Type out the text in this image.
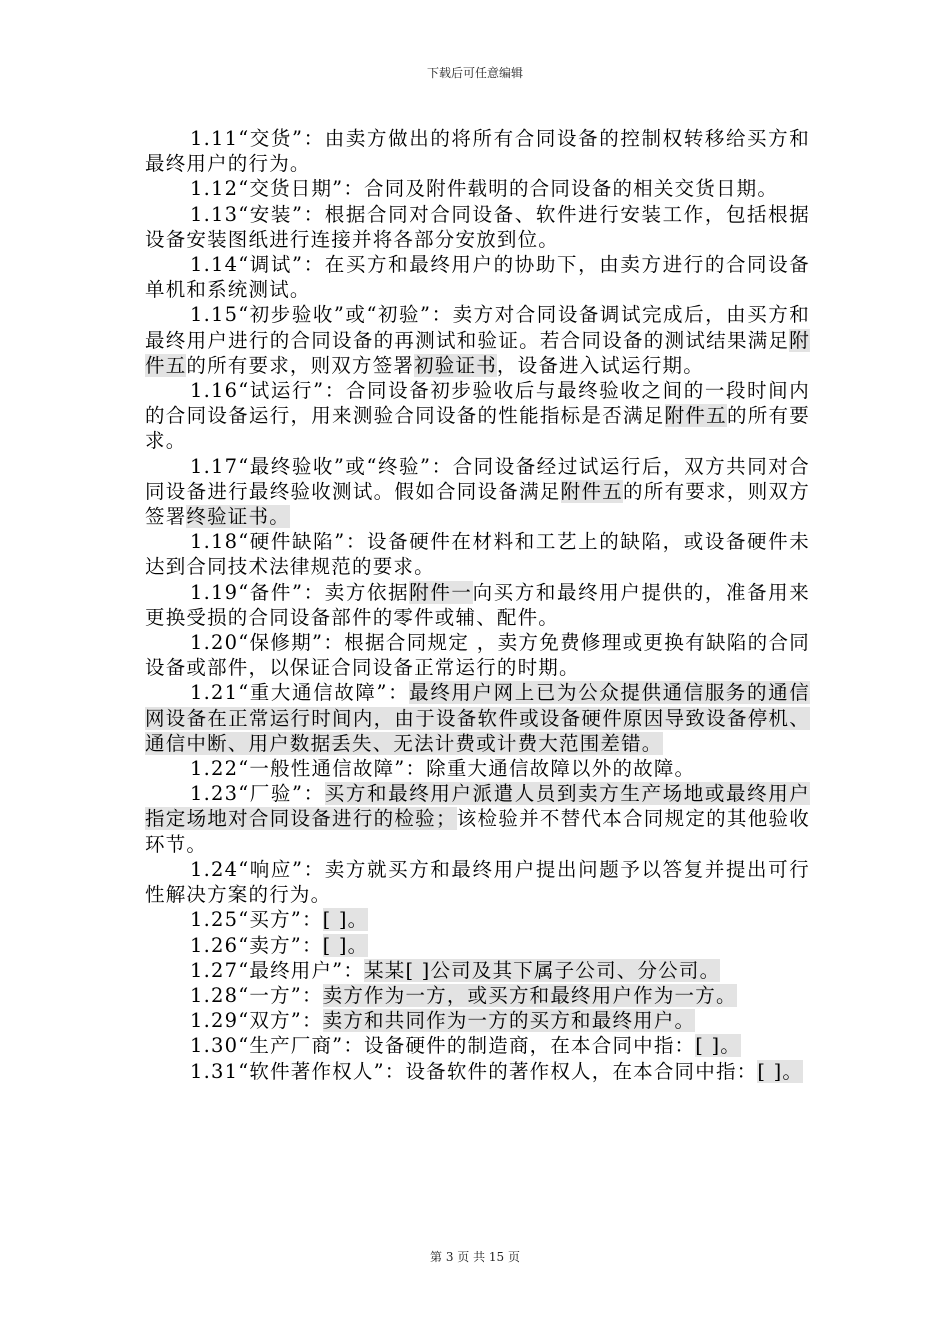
下载后可任意编辑

1.11“交货”：由卖方做出的将所有合同设备的控制权转移给买方和最终用户的行为。

1.12“交货日期”：合同及附件载明的合同设备的相关交货日期。

1.13“安装”：根据合同对合同设备、软件进行安装工作，包括根据设备安装图纸进行连接并将各部分安放到位。

1.14“调试”：在买方和最终用户的协助下，由卖方进行的合同设备单机和系统测试。

1.15“初步验收”或“初验”：卖方对合同设备调试完成后，由买方和最终用户进行的合同设备的再测试和验证。若合同设备的测试结果满足附件五的所有要求，则双方签署初验证书，设备进入试运行期。

1.16“试运行”：合同设备初步验收后与最终验收之间的一段时间内的合同设备运行，用来测验合同设备的性能指标是否满足附件五的所有要求。

1.17“最终验收”或“终验”：合同设备经过试运行后，双方共同对合同设备进行最终验收测试。假如合同设备满足附件五的所有要求，则双方签署终验证书。

1.18“硬件缺陷”：设备硬件在材料和工艺上的缺陷，或设备硬件未达到合同技术法律规范的要求。

1.19“备件”：卖方依据附件一向买方和最终用户提供的，准备用来更换受损的合同设备部件的零件或辅、配件。

1.20“保修期”：根据合同规定 ，卖方免费修理或更换有缺陷的合同设备或部件，以保证合同设备正常运行的时期。

1.21“重大通信故障”：最终用户网上已为公众提供通信服务的通信网设备在正常运行时间内，由于设备软件或设备硬件原因导致设备停机、通信中断、用户数据丢失、无法计费或计费大范围差错。

1.22“一般性通信故障”：除重大通信故障以外的故障。

1.23“厂验”：买方和最终用户派遣人员到卖方生产场地或最终用户指定场地对合同设备进行的检验；该检验并不替代本合同规定的其他验收环节。

1.24“响应”：卖方就买方和最终用户提出问题予以答复并提出可行性解决方案的行为。

1.25“买方”：[ ]。

1.26“卖方”：[ ]。

1.27“最终用户”：某某[ ]公司及其下属子公司、分公司。

1.28“一方”：卖方作为一方，或买方和最终用户作为一方。

1.29“双方”：卖方和共同作为一方的买方和最终用户。

1.30“生产厂商”：设备硬件的制造商，在本合同中指：[ ]。

1.31“软件著作权人”：设备软件的著作权人，在本合同中指：[ ]。

第 3 页 共 15 页
